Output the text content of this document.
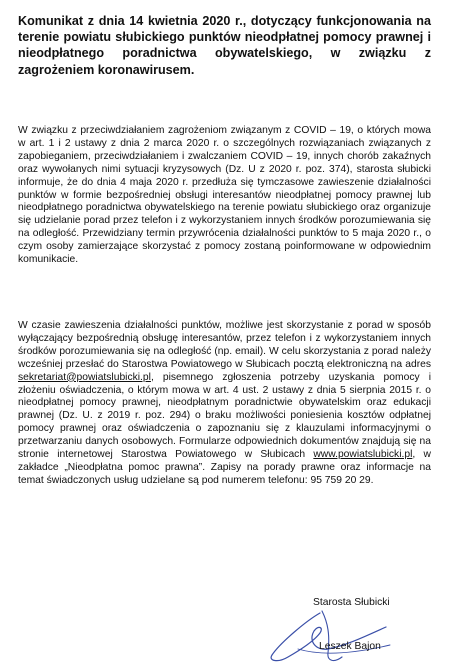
Komunikat z dnia 14 kwietnia 2020 r., dotyczący funkcjonowania na terenie powiatu słubickiego punktów nieodpłatnej pomocy prawnej i nieodpłatnego poradnictwa obywatelskiego, w związku z zagrożeniem koronawirusem.

W związku z przeciwdziałaniem zagrożeniom związanym z COVID – 19, o których mowa w art. 1 i 2 ustawy z dnia 2 marca 2020 r. o szczególnych rozwiązaniach związanych z zapobieganiem, przeciwdziałaniem i zwalczaniem COVID – 19, innych chorób zakaźnych oraz wywołanych nimi sytuacji kryzysowych (Dz. U z 2020 r. poz. 374), starosta słubicki informuje, że do dnia 4 maja 2020 r. przedłuża się tymczasowe zawieszenie działalności punktów w formie bezpośredniej obsługi interesantów nieodpłatnej pomocy prawnej lub nieodpłatnego poradnictwa obywatelskiego na terenie powiatu słubickiego oraz organizuje się udzielanie porad przez telefon i z wykorzystaniem innych środków porozumiewania się na odległość. Przewidziany termin przywrócenia działalności punktów to 5 maja 2020 r., o czym osoby zamierzające skorzystać z pomocy zostaną poinformowane w odpowiednim komunikacie.

W czasie zawieszenia działalności punktów, możliwe jest skorzystanie z porad w sposób wyłączający bezpośrednią obsługę interesantów, przez telefon i z wykorzystaniem innych środków porozumiewania się na odległość (np. email). W celu skorzystania z porad należy wcześniej przesłać do Starostwa Powiatowego w Słubicach pocztą elektroniczną na adres sekretariat@powiatslubicki.pl, pisemnego zgłoszenia potrzeby uzyskania pomocy i złożeniu oświadczenia, o którym mowa w art. 4 ust. 2 ustawy z dnia 5 sierpnia 2015 r. o nieodpłatnej pomocy prawnej, nieodpłatnym poradnictwie obywatelskim oraz edukacji prawnej (Dz. U. z 2019 r. poz. 294) o braku możliwości poniesienia kosztów odpłatnej pomocy prawnej oraz oświadczenia o zapoznaniu się z klauzulami informacyjnymi o przetwarzaniu danych osobowych. Formularze odpowiednich dokumentów znajdują się na stronie internetowej Starostwa Powiatowego w Słubicach www.powiatslubicki.pl, w zakładce „Nieodpłatna pomoc prawna”. Zapisy na porady prawne oraz informacje na temat świadczonych usług udzielane są pod numerem telefonu: 95 759 20 29.

Starosta Słubicki

Leszek Bajon
